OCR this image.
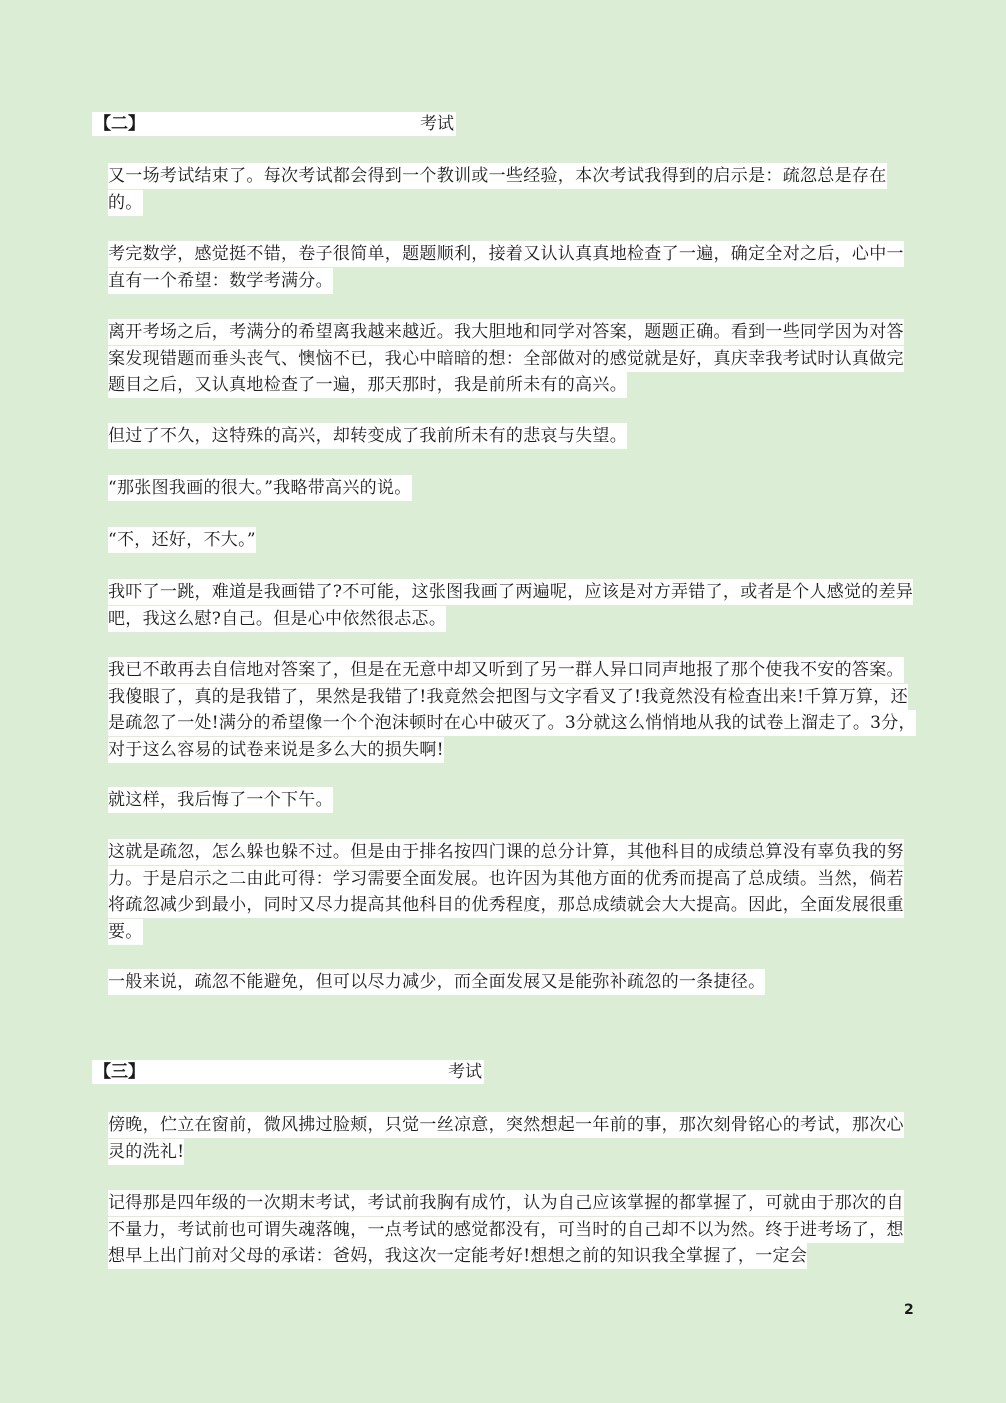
【二】	考试

又一场考试结束了。每次考试都会得到一个教训或一些经验，本次考试我得到的启示是：疏忽总是存在的。

考完数学，感觉挺不错，卷子很简单，题题顺利，接着又认认真真地检查了一遍，确定全对之后，心中一直有一个希望：数学考满分。

离开考场之后，考满分的希望离我越来越近。我大胆地和同学对答案，题题正确。看到一些同学因为对答案发现错题而垂头丧气、懊恼不已，我心中暗暗的想：全部做对的感觉就是好，真庆幸我考试时认真做完题目之后，又认真地检查了一遍，那天那时，我是前所未有的高兴。

但过了不久，这特殊的高兴，却转变成了我前所未有的悲哀与失望。

“那张图我画的很大。”我略带高兴的说。

“不，还好，不大。”

我吓了一跳，难道是我画错了?不可能，这张图我画了两遍呢，应该是对方弄错了，或者是个人感觉的差异吧，我这么慰?自己。但是心中依然很忐忑。

我已不敢再去自信地对答案了，但是在无意中却又听到了另一群人异口同声地报了那个使我不安的答案。我傻眼了，真的是我错了，果然是我错了!我竟然会把图与文字看叉了!我竟然没有检查出来!千算万算，还是疏忽了一处!满分的希望像一个个泡沫顿时在心中破灭了。3分就这么悄悄地从我的试卷上溜走了。3分，对于这么容易的试卷来说是多么大的损失啊!

就这样，我后悔了一个下午。

这就是疏忽，怎么躲也躲不过。但是由于排名按四门课的总分计算，其他科目的成绩总算没有辜负我的努力。于是启示之二由此可得：学习需要全面发展。也许因为其他方面的优秀而提高了总成绩。当然，倘若将疏忽减少到最小，同时又尽力提高其他科目的优秀程度，那总成绩就会大大提高。因此，全面发展很重要。

一般来说，疏忽不能避免，但可以尽力减少，而全面发展又是能弥补疏忽的一条捷径。

【三】	考试

傍晚，伫立在窗前，微风拂过脸颊，只觉一丝凉意，突然想起一年前的事，那次刻骨铭心的考试，那次心灵的洗礼!

记得那是四年级的一次期末考试，考试前我胸有成竹，认为自己应该掌握的都掌握了，可就由于那次的自不量力，考试前也可谓失魂落魄，一点考试的感觉都没有，可当时的自己却不以为然。终于进考场了，想想早上出门前对父母的承诺：爸妈，我这次一定能考好!想想之前的知识我全掌握了，一定会

2
